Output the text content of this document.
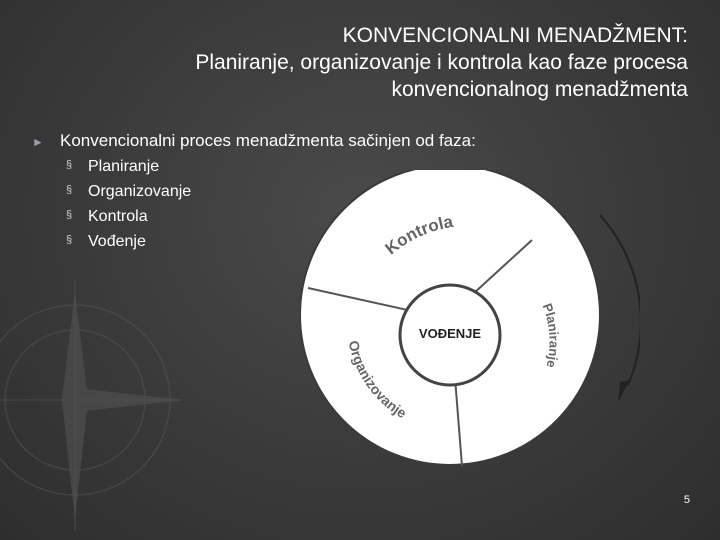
KONVENCIONALNI MENADŽMENT:
Planiranje, organizovanje i kontrola kao faze procesa
konvencionalnog menadžmenta
► Konvencionalni proces menadžmenta sačinjen od faza:
§ Planiranje
§ Organizovanje
§ Kontrola
§ Vođenje
VOĐENJE
Kontrola
Planiranje
Organizovanje
5
